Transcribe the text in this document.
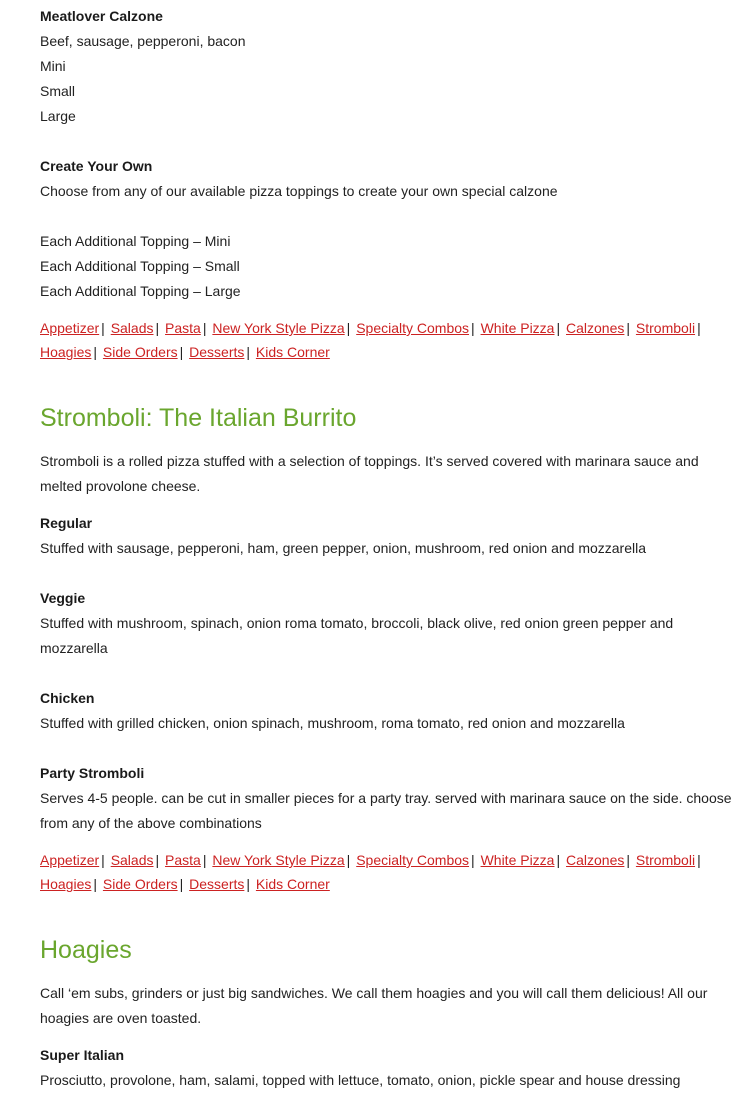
Meatlover Calzone
Beef, sausage, pepperoni, bacon
Mini
Small
Large
Create Your Own
Choose from any of our available pizza toppings to create your own special calzone
Each Additional Topping – Mini
Each Additional Topping – Small
Each Additional Topping – Large
Appetizer | Salads | Pasta | New York Style Pizza | Specialty Combos | White Pizza | Calzones | Stromboli |
Hoagies | Side Orders | Desserts | Kids Corner
Stromboli: The Italian Burrito
Stromboli is a rolled pizza stuffed with a selection of toppings. It’s served covered with marinara sauce and
melted provolone cheese.
Regular
Stuffed with sausage, pepperoni, ham, green pepper, onion, mushroom, red onion and mozzarella
Veggie
Stuffed with mushroom, spinach, onion roma tomato, broccoli, black olive, red onion green pepper and
mozzarella
Chicken
Stuffed with grilled chicken, onion spinach, mushroom, roma tomato, red onion and mozzarella
Party Stromboli
Serves 4-5 people. can be cut in smaller pieces for a party tray. served with marinara sauce on the side. choose
from any of the above combinations
Appetizer | Salads | Pasta | New York Style Pizza | Specialty Combos | White Pizza | Calzones | Stromboli |
Hoagies | Side Orders | Desserts | Kids Corner
Hoagies
Call ‘em subs, grinders or just big sandwiches. We call them hoagies and you will call them delicious! All our
hoagies are oven toasted.
Super Italian
Prosciutto, provolone, ham, salami, topped with lettuce, tomato, onion, pickle spear and house dressing
